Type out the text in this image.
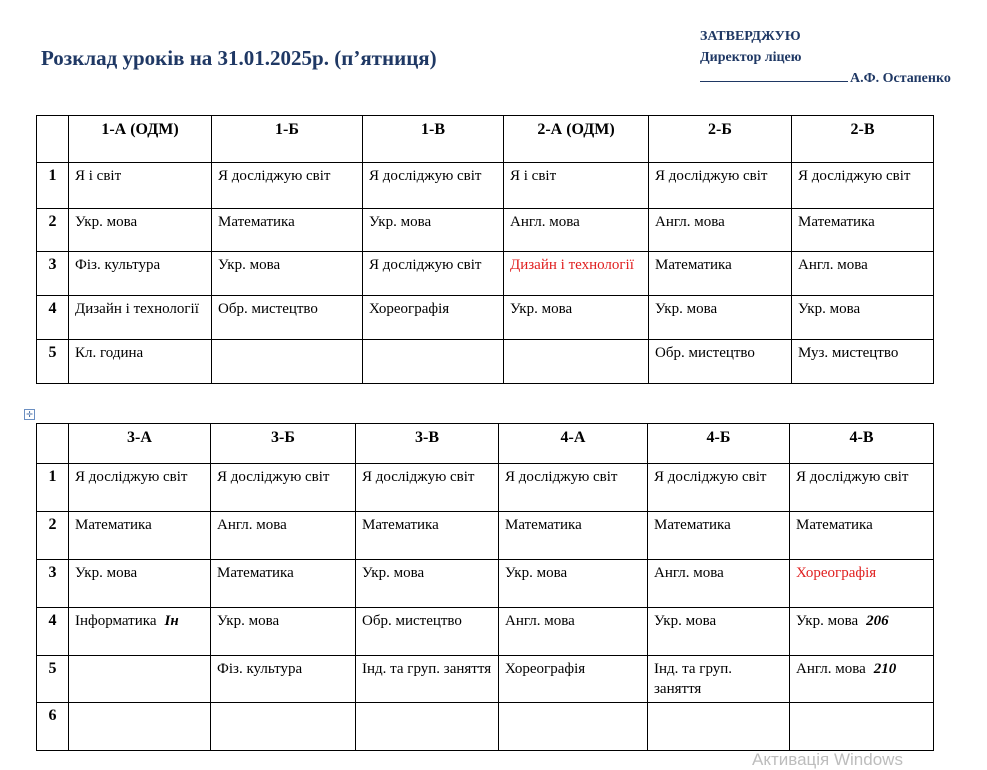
Розклад уроків на 31.01.2025р. (п’ятниця)
ЗАТВЕРДЖУЮ
Директор ліцею
А.Ф. Остапенко
	1-А (ОДМ)	1-Б	1-В	2-А (ОДМ)	2-Б	2-В
1	Я і світ	Я досліджую світ	Я досліджую світ	Я і світ	Я досліджую світ	Я досліджую світ
2	Укр. мова	Математика	Укр. мова	Англ. мова	Англ. мова	Математика
3	Фіз. культура	Укр. мова	Я досліджую світ	Дизайн і технології	Математика	Англ. мова
4	Дизайн і технології	Обр. мистецтво	Хореографія	Укр. мова	Укр. мова	Укр. мова
5	Кл. година				Обр. мистецтво	Муз. мистецтво
✛
	3-А	3-Б	3-В	4-А	4-Б	4-В
1	Я досліджую світ	Я досліджую світ	Я досліджую світ	Я досліджую світ	Я досліджую світ	Я досліджую світ
2	Математика	Англ. мова	Математика	Математика	Математика	Математика
3	Укр. мова	Математика	Укр. мова	Укр. мова	Англ. мова	Хореографія
4	Інформатика Ін	Укр. мова	Обр. мистецтво	Англ. мова	Укр. мова	Укр. мова 206
5		Фіз. культура	Інд. та груп. заняття	Хореографія	Інд. та груп. заняття	Англ. мова 210
6						
Активація Windows
